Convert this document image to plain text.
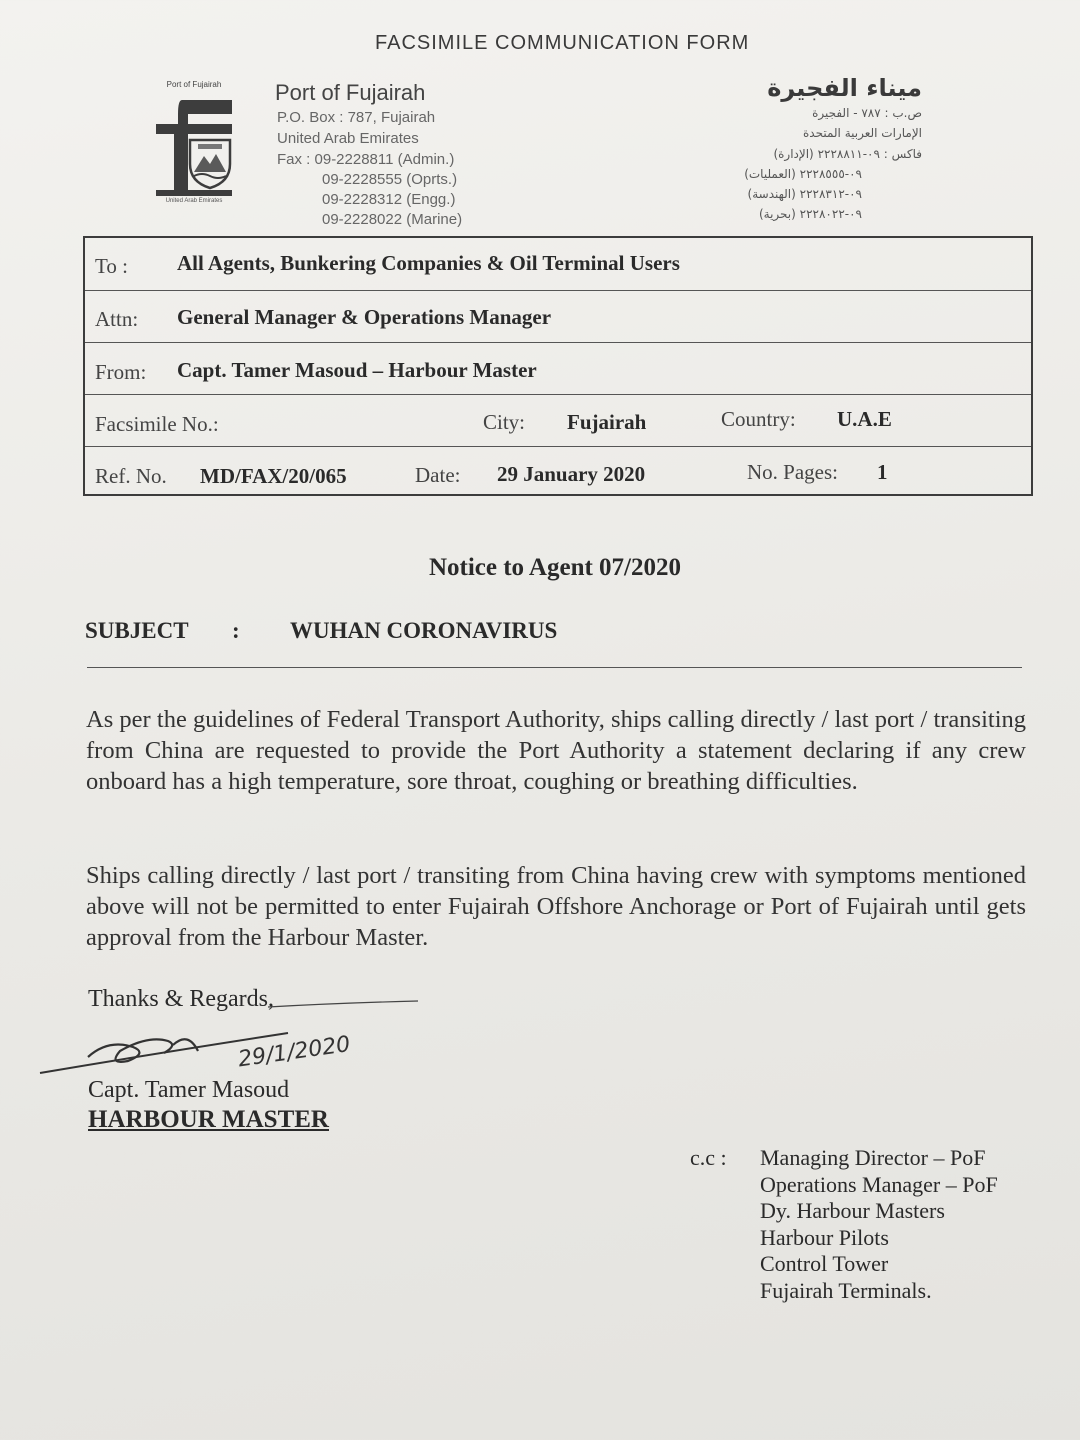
FACSIMILE COMMUNICATION FORM
Port of Fujairah
United Arab Emirates
Port of Fujairah
P.O. Box : 787, Fujairah
United Arab Emirates
Fax : 09-2228811 (Admin.)
09-2228555 (Oprts.)
09-2228312 (Engg.)
09-2228022 (Marine)
ميناء الفجيرة
ص.ب : ٧٨٧ - الفجيرة
الإمارات العربية المتحدة
فاكس : ٠٩-٢٢٢٨٨١١ (الإدارة)
٠٩-٢٢٢٨٥٥٥ (العمليات)
٠٩-٢٢٢٨٣١٢ (الهندسة)
٠٩-٢٢٢٨٠٢٢ (بحرية)
To : All Agents, Bunkering Companies & Oil Terminal Users
Attn: General Manager & Operations Manager
From: Capt. Tamer Masoud – Harbour Master
Facsimile No.:	City: Fujairah	Country: U.A.E
Ref. No. MD/FAX/20/065	Date: 29 January 2020	No. Pages: 1
Notice to Agent 07/2020
SUBJECT : WUHAN CORONAVIRUS
As per the guidelines of Federal Transport Authority, ships calling directly / last port / transiting from China are requested to provide the Port Authority a statement declaring if any crew onboard has a high temperature, sore throat, coughing or breathing difficulties.
Ships calling directly / last port / transiting from China having crew with symptoms mentioned above will not be permitted to enter Fujairah Offshore Anchorage or Port of Fujairah until gets approval from the Harbour Master.
Thanks & Regards,
29/1/2020
Capt. Tamer Masoud
HARBOUR MASTER
c.c : Managing Director – PoF
Operations Manager – PoF
Dy. Harbour Masters
Harbour Pilots
Control Tower
Fujairah Terminals.
